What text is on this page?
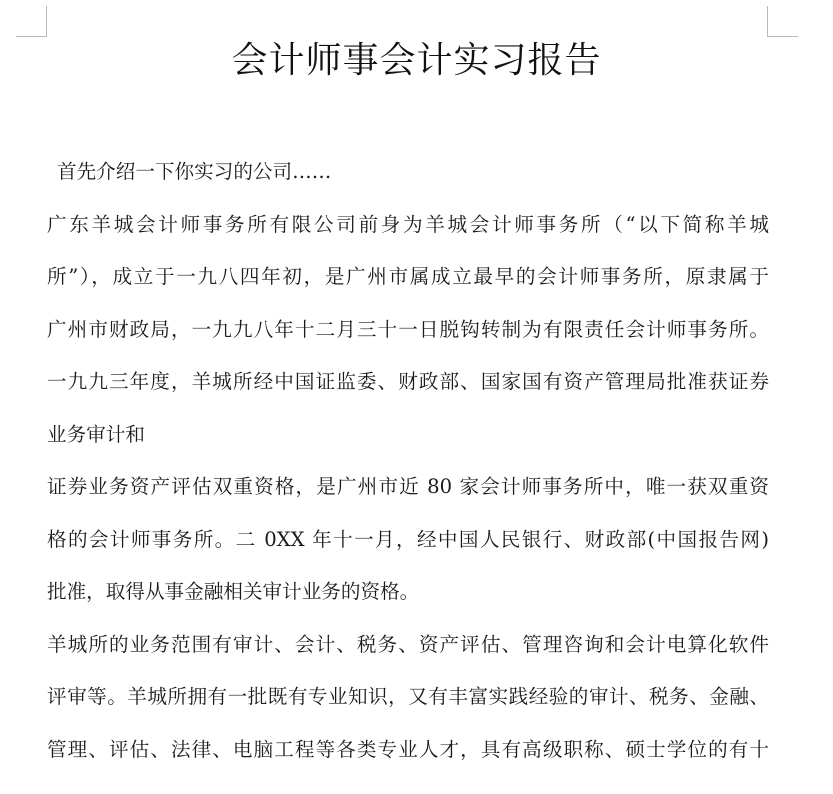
会计师事会计实习报告
首先介绍一下你实习的公司……
广东羊城会计师事务所有限公司前身为羊城会计师事务所（“以下简称羊城
所”），成立于一九八四年初，是广州市属成立最早的会计师事务所，原隶属于
广州市财政局，一九九八年十二月三十一日脱钩转制为有限责任会计师事务所。
一九九三年度，羊城所经中国证监委、财政部、国家国有资产管理局批准获证券
业务审计和
证券业务资产评估双重资格，是广州市近 80 家会计师事务所中，唯一获双重资
格的会计师事务所。二 0XX 年十一月，经中国人民银行、财政部(中国报告网)
批准，取得从事金融相关审计业务的资格。
羊城所的业务范围有审计、会计、税务、资产评估、管理咨询和会计电算化软件
评审等。羊城所拥有一批既有专业知识，又有丰富实践经验的审计、税务、金融、
管理、评估、法律、电脑工程等各类专业人才，具有高级职称、硕士学位的有十
